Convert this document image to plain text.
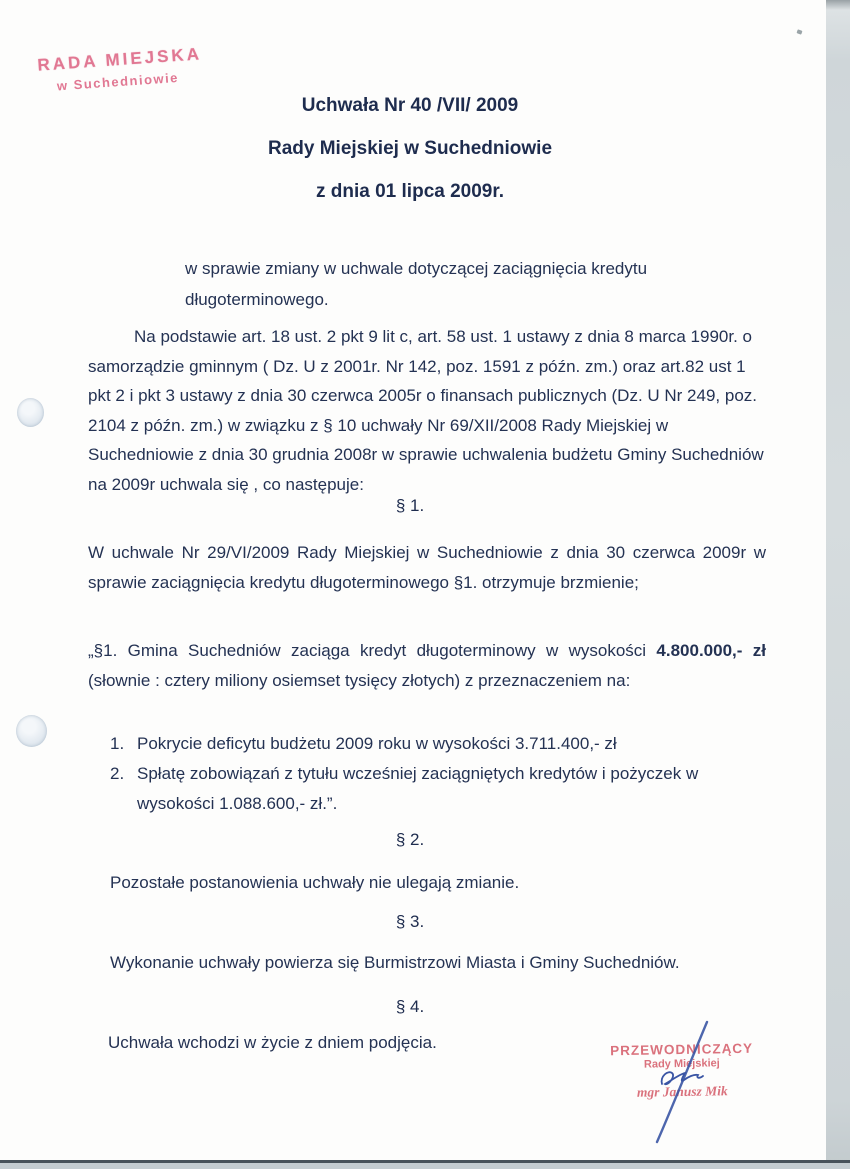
RADA MIEJSKA
w Suchedniowie
Uchwała Nr 40 /VII/ 2009
Rady Miejskiej w Suchedniowie
z dnia 01 lipca 2009r.
w sprawie zmiany w uchwale dotyczącej zaciągnięcia kredytu długoterminowego.
Na podstawie art. 18 ust. 2 pkt 9 lit c, art. 58 ust. 1 ustawy z dnia 8 marca 1990r. o samorządzie gminnym ( Dz. U z 2001r. Nr 142, poz. 1591 z późn. zm.) oraz art.82 ust 1 pkt 2 i pkt 3 ustawy z dnia 30 czerwca 2005r o finansach publicznych (Dz. U Nr 249, poz. 2104 z późn. zm.) w związku z § 10 uchwały Nr 69/XII/2008 Rady Miejskiej w Suchedniowie z dnia 30 grudnia 2008r w sprawie uchwalenia budżetu Gminy Suchedniów na 2009r uchwala się , co następuje:
§ 1.
W uchwale Nr 29/VI/2009 Rady Miejskiej w Suchedniowie z dnia 30 czerwca 2009r w sprawie zaciągnięcia kredytu długoterminowego §1. otrzymuje brzmienie;
„§1. Gmina Suchedniów zaciąga kredyt długoterminowy w wysokości 4.800.000,- zł (słownie : cztery miliony osiemset tysięcy złotych) z przeznaczeniem na:
1. Pokrycie deficytu budżetu 2009 roku w wysokości 3.711.400,- zł
2. Spłatę zobowiązań z tytułu wcześniej zaciągniętych kredytów i pożyczek w wysokości 1.088.600,- zł.”.
§ 2.
Pozostałe postanowienia uchwały nie ulegają zmianie.
§ 3.
Wykonanie uchwały powierza się Burmistrzowi Miasta i Gminy Suchedniów.
§ 4.
Uchwała wchodzi w życie z dniem podjęcia.	PRZEWODNICZĄCY
Rady Miejskiej
mgr Janusz Mik
